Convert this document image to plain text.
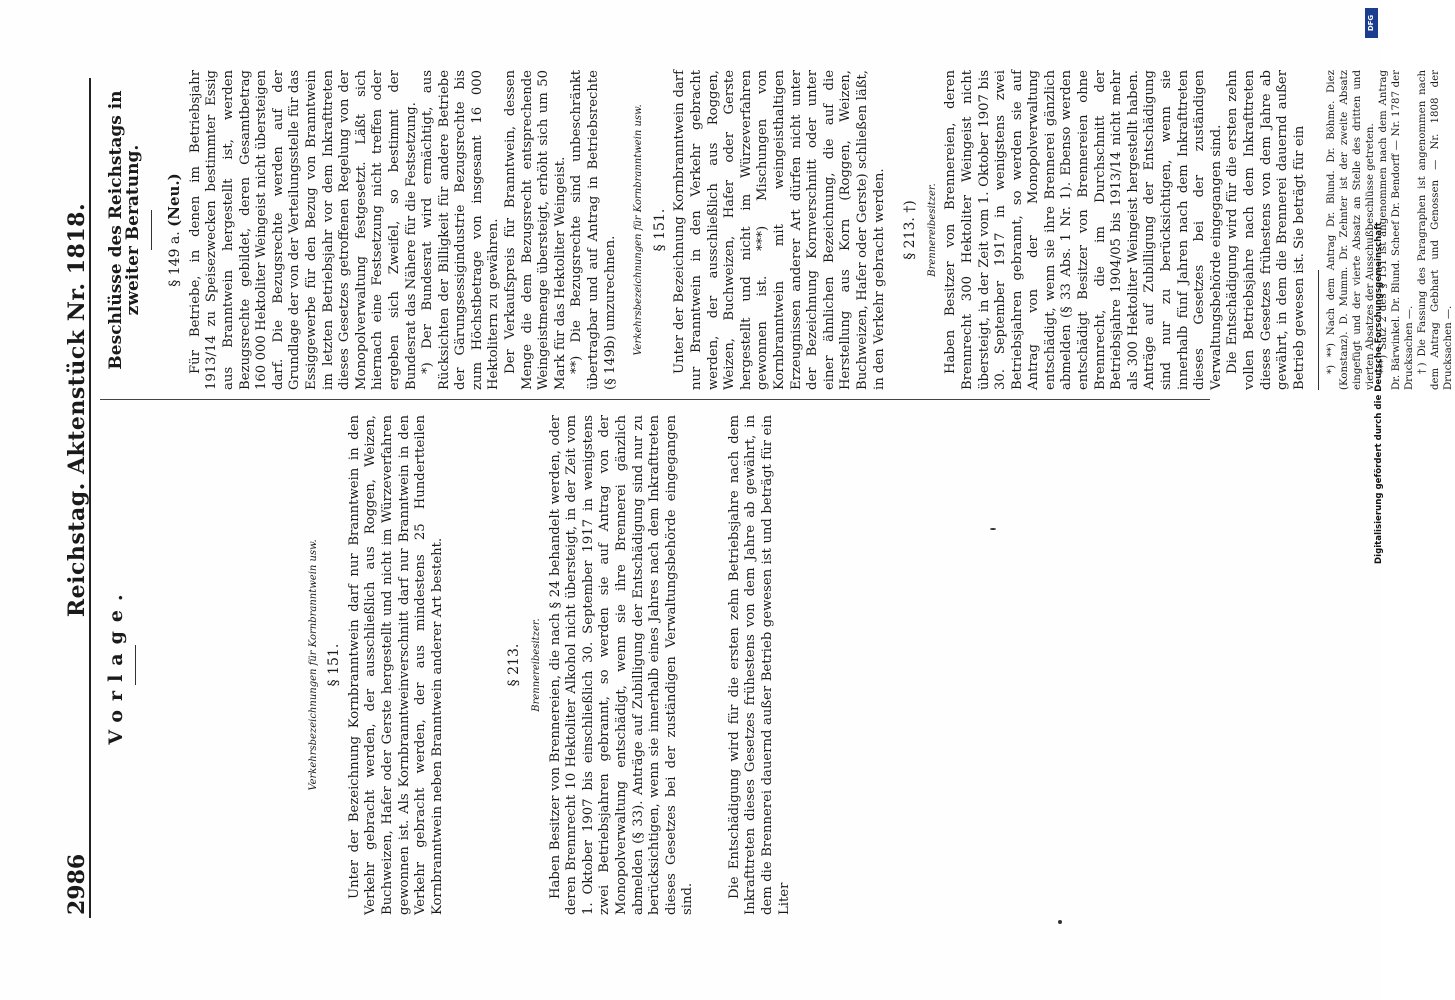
2986
Reichstag. Aktenstück Nr. 1818.
Vorlage.	Verkehrsbezeichnungen für Kornbranntwein usw. § 151. Unter der Bezeichnung Kornbranntwein darf nur Branntwein in den Verkehr gebracht werden, der ausschließlich aus Roggen, Weizen, Buchweizen, Hafer oder Gerste hergestellt und nicht im Würzeverfahren gewonnen ist. Als Kornbranntweinverschnitt darf nur Branntwein in den Verkehr gebracht werden, der aus mindestens 25 Hundertteilen Kornbranntwein neben Branntwein anderer Art besteht.	§ 213. Brennereibesitzer. Haben Besitzer von Brennereien, die nach § 24 behandelt werden, oder deren Brennrecht 10 Hektoliter Alkohol nicht übersteigt, in der Zeit vom 1. Oktober 1907 bis einschließlich 30. September 1917 in wenigstens zwei Betriebsjahren gebrannt, so werden sie auf Antrag von der Monopolverwaltung entschädigt, wenn sie ihre Brennerei gänzlich abmelden (§ 33). Anträge auf Zubilligung der Entschädigung sind nur zu berücksichtigen, wenn sie innerhalb eines Jahres nach dem Inkrafttreten dieses Gesetzes bei der zuständigen Verwaltungsbehörde eingegangen sind. Die Entschädigung wird für die ersten zehn Betriebsjahre nach dem Inkrafttreten dieses Gesetzes frühestens von dem Jahre ab gewährt, in dem die Brennerei dauernd außer Betrieb gewesen ist und beträgt für ein Liter

Beschlüsse des Reichstags in zweiter Beratung. § 149 a. (Neu.) Für Betriebe, in denen im Betriebsjahr 1913/14 zu Speisezwecken bestimmter Essig aus Branntwein hergestellt ist, werden Bezugsrechte gebildet, deren Gesamtbetrag 160 000 Hektoliter Weingeist nicht übersteigen darf. Die Bezugsrechte werden auf der Grundlage der von der Verteilungsstelle für das Essiggewerbe für den Bezug von Branntwein im letzten Betriebsjahr vor dem Inkrafttreten dieses Gesetzes getroffenen Regelung von der Monopolverwaltung festgesetzt. Läßt sich hiernach eine Festsetzung nicht treffen oder ergeben sich Zweifel, so bestimmt der Bundesrat das Nähere für die Festsetzung. *) Der Bundesrat wird ermächtigt, aus Rücksichten der Billigkeit für andere Betriebe der Gärungsessigindustrie Bezugsrechte bis zum Höchstbetrage von insgesamt 16 000 Hektolitern zu gewähren. Der Verkaufspreis für Branntwein, dessen Menge die dem Bezugsrecht entsprechende Weingeistmenge übersteigt, erhöht sich um 50 Mark für das Hektoliter Weingeist. **) Die Bezugsrechte sind unbeschränkt übertragbar und auf Antrag in Betriebsrechte (§ 149b) umzurechnen. Verkehrsbezeichnungen für Kornbranntwein usw. § 151. Unter der Bezeichnung Kornbranntwein darf nur Branntwein in den Verkehr gebracht werden, der ausschließlich aus Roggen, Weizen, Buchweizen, Hafer oder Gerste hergestellt und nicht im Würzeverfahren gewonnen ist. ***) Mischungen von Kornbranntwein mit weingeisthaltigen Erzeugnissen anderer Art dürfen nicht unter der Bezeichnung Kornverschnitt oder unter einer ähnlichen Bezeichnung, die auf die Herstellung aus Korn (Roggen, Weizen, Buchweizen, Hafer oder Gerste) schließen läßt, in den Verkehr gebracht werden. § 213. †) Brennereibesitzer. Haben Besitzer von Brennereien, deren Brennrecht 300 Hektoliter Weingeist nicht übersteigt, in der Zeit vom 1. Oktober 1907 bis 30. September 1917 in wenigstens zwei Betriebsjahren gebrannt, so werden sie auf Antrag von der Monopolverwaltung entschädigt, wenn sie ihre Brennerei gänzlich abmelden (§ 33 Abs. 1 Nr. 1). Ebenso werden entschädigt Besitzer von Brennereien ohne Brennrecht, die im Durchschnitt der Betriebsjahre 1904/05 bis 1913/14 nicht mehr als 300 Hektoliter Weingeist hergestellt haben. Anträge auf Zubilligung der Entschädigung sind nur zu berücksichtigen, wenn sie innerhalb fünf Jahren nach dem Inkrafttreten dieses Gesetzes bei der zuständigen Verwaltungsbehörde eingegangen sind. Die Entschädigung wird für die ersten zehn vollen Betriebsjahre nach dem Inkrafttreten dieses Gesetzes frühestens von dem Jahre ab gewährt, in dem die Brennerei dauernd außer Betrieb gewesen ist. Sie beträgt für ein *) **) Nach dem Antrag Dr. Blund. Dr. Böhme. Diez (Konstanz). D. Mumm. Dr. Zehnter ist der zweite Absatz eingefügt und der vierte Absatz an Stelle des dritten und vierten Absatzes der Ausschußbeschlüsse getreten. ***) Satz 2 des § 151 ist angenommen nach dem Antrag Dr. Bärwinkel. Dr. Blund. Scheef Dr. Bendorff — Nr. 1787 der Drucksachen —. †) Die Fassung des Paragraphen ist angenommen nach dem Antrag Gebhart und Genossen — Nr. 1808 der Drucksachen —.

DFG
Digitalisierung gefördert durch die Deutsche Forschungsgemeinschaft
